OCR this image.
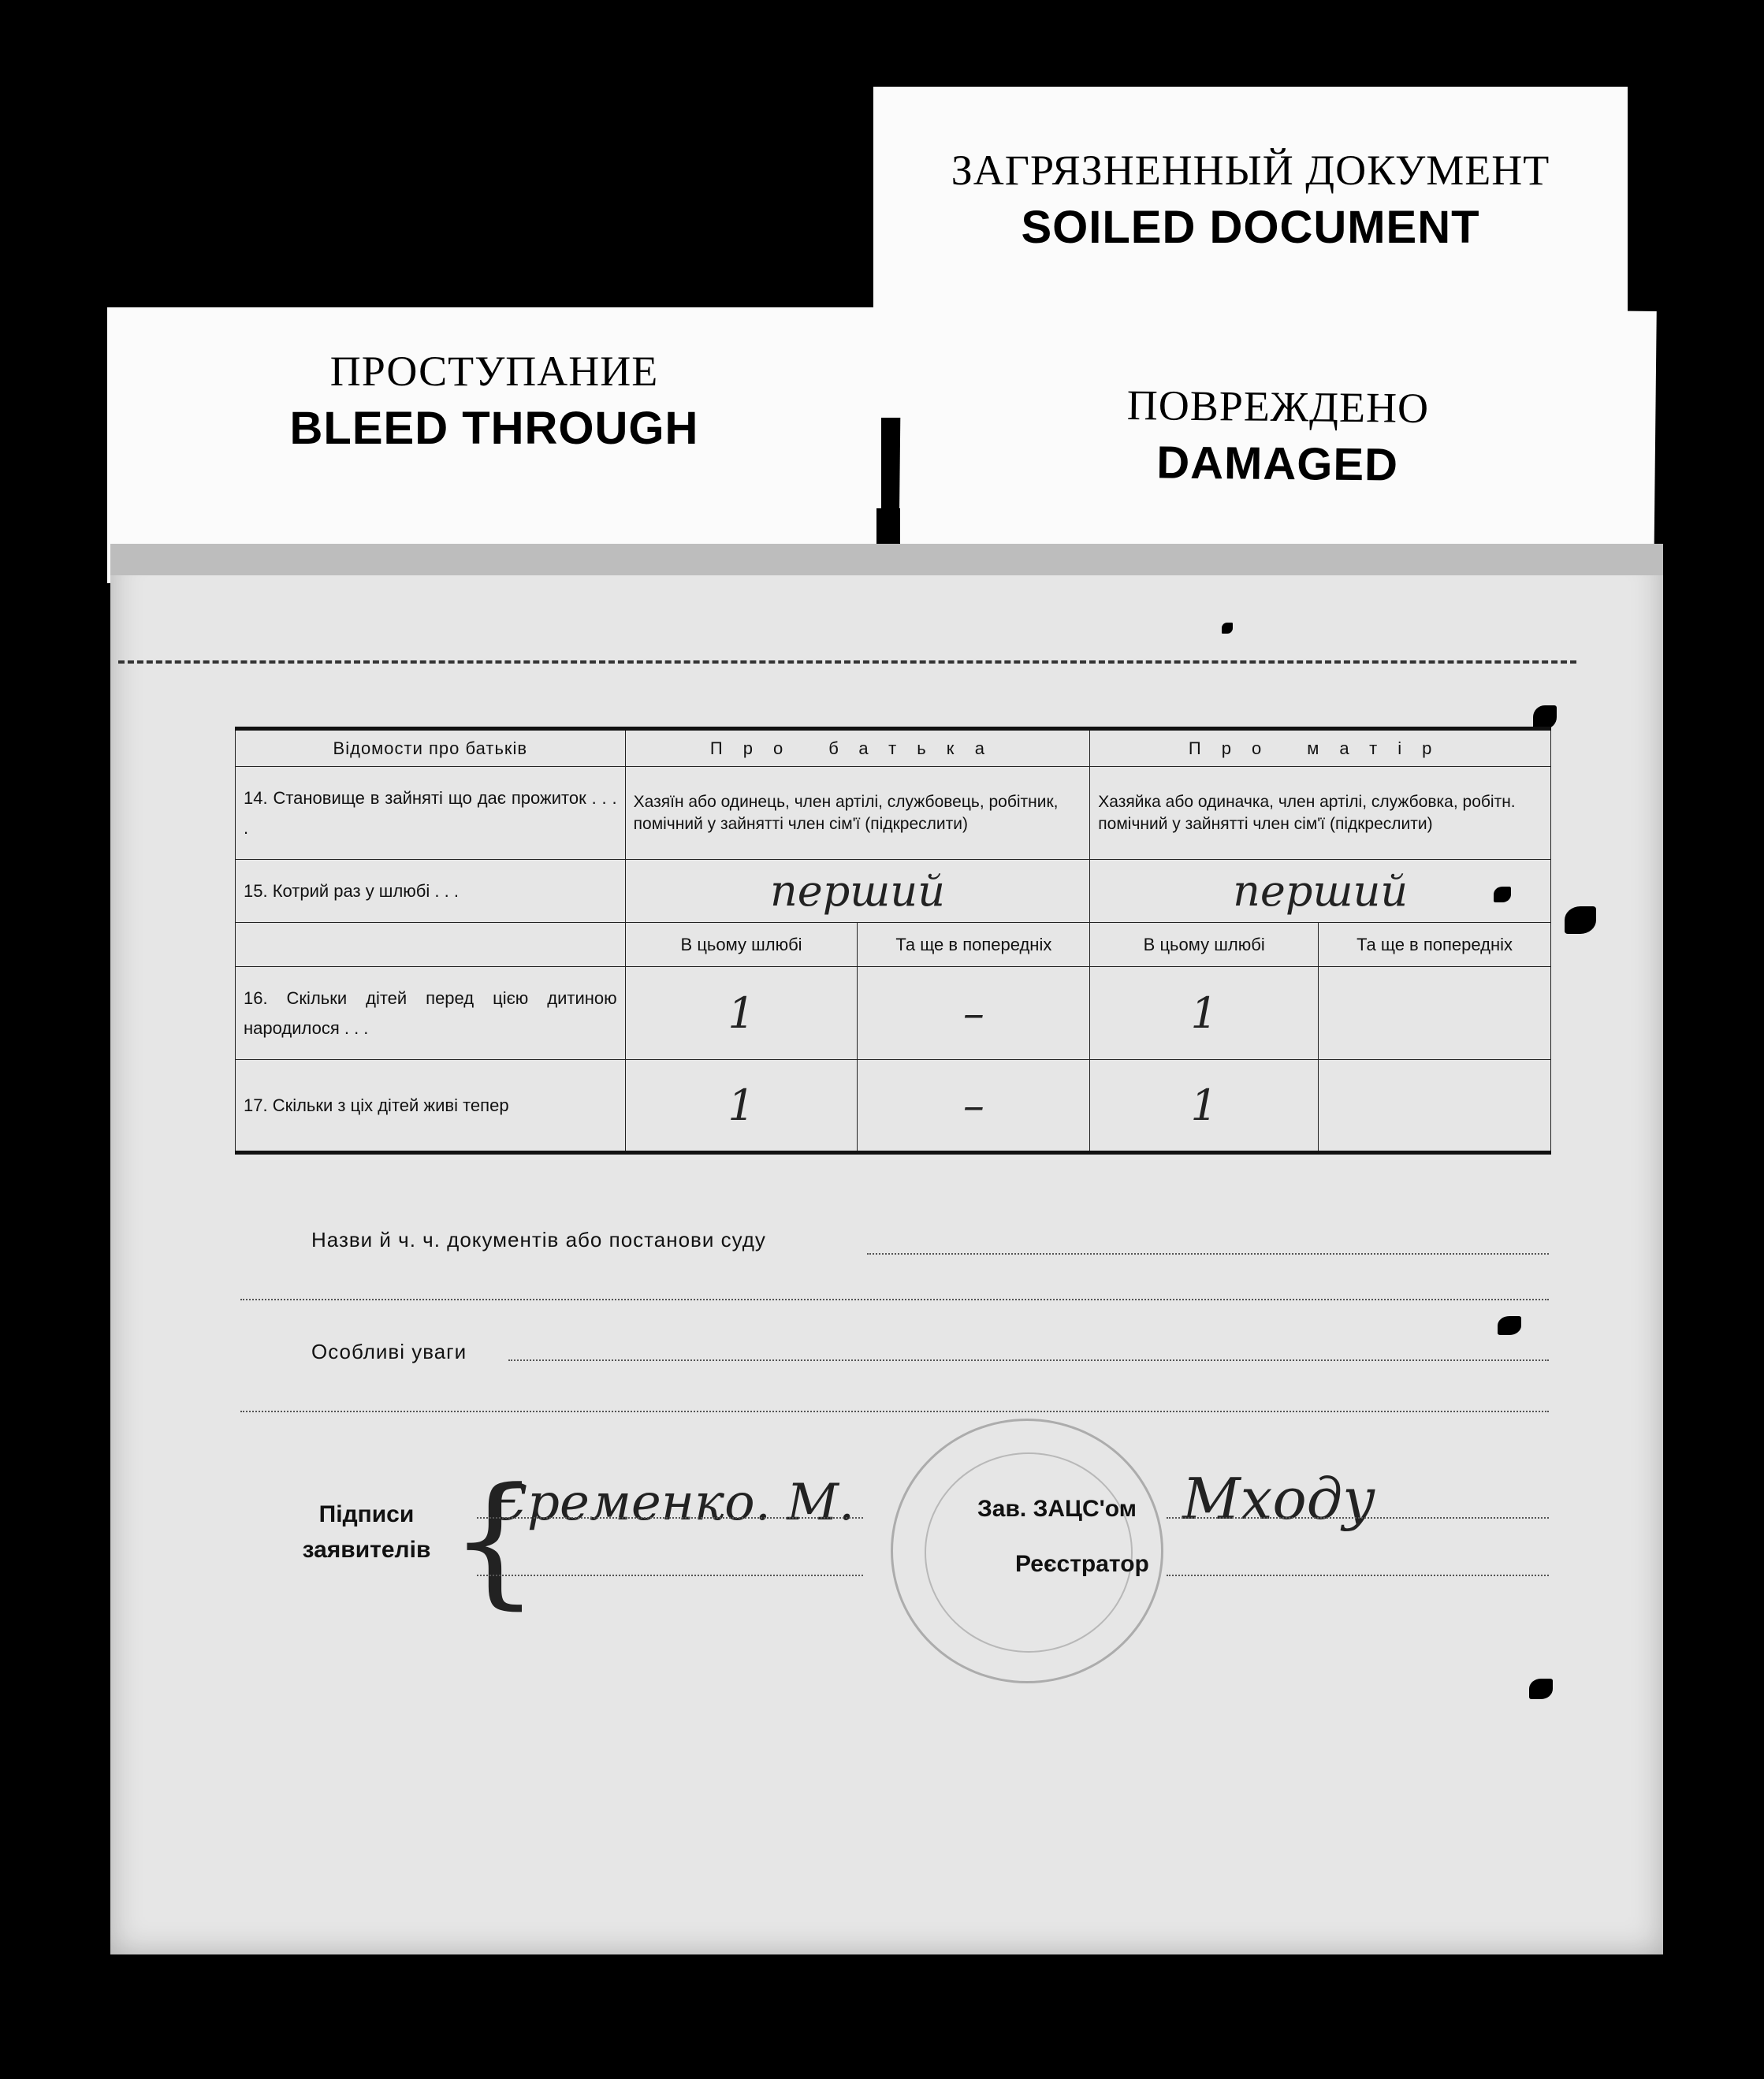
ЗАГРЯЗНЕННЫЙ ДОКУМЕНТ
SOILED DOCUMENT
ПРОСТУПАНИЕ
BLEED THROUGH	ПОВРЕЖДЕНО
DAMAGED
Відомости про батьків	Про батька		Про матір	
14. Становище в зайняті що дає прожиток . . . .	Хазяїн або одинець, член артілі, службовець, робітник, помічний у зайнятті член сім'ї (підкреслити)		Хазяйка або одиначка, член артілі, службовка, робітн. помічний у зайнятті член сім'ї (підкреслити)	
15. Котрий раз у шлюбі . . .	перший		перший	
	В цьому шлюбі	Та ще в попередніх	В цьому шлюбі	Та ще в попередніх
16. Скільки дітей перед цією дитиною народилося . . .	1	–	1	
17. Скільки з ціх дітей живі тепер	1	–	1	
Назви й ч. ч. документів або постанови суду
Особливі уваги
Підписи
заявителів {
Єременко. М.	Зав. ЗАЦС'ом
Реєстратор
Мходу
